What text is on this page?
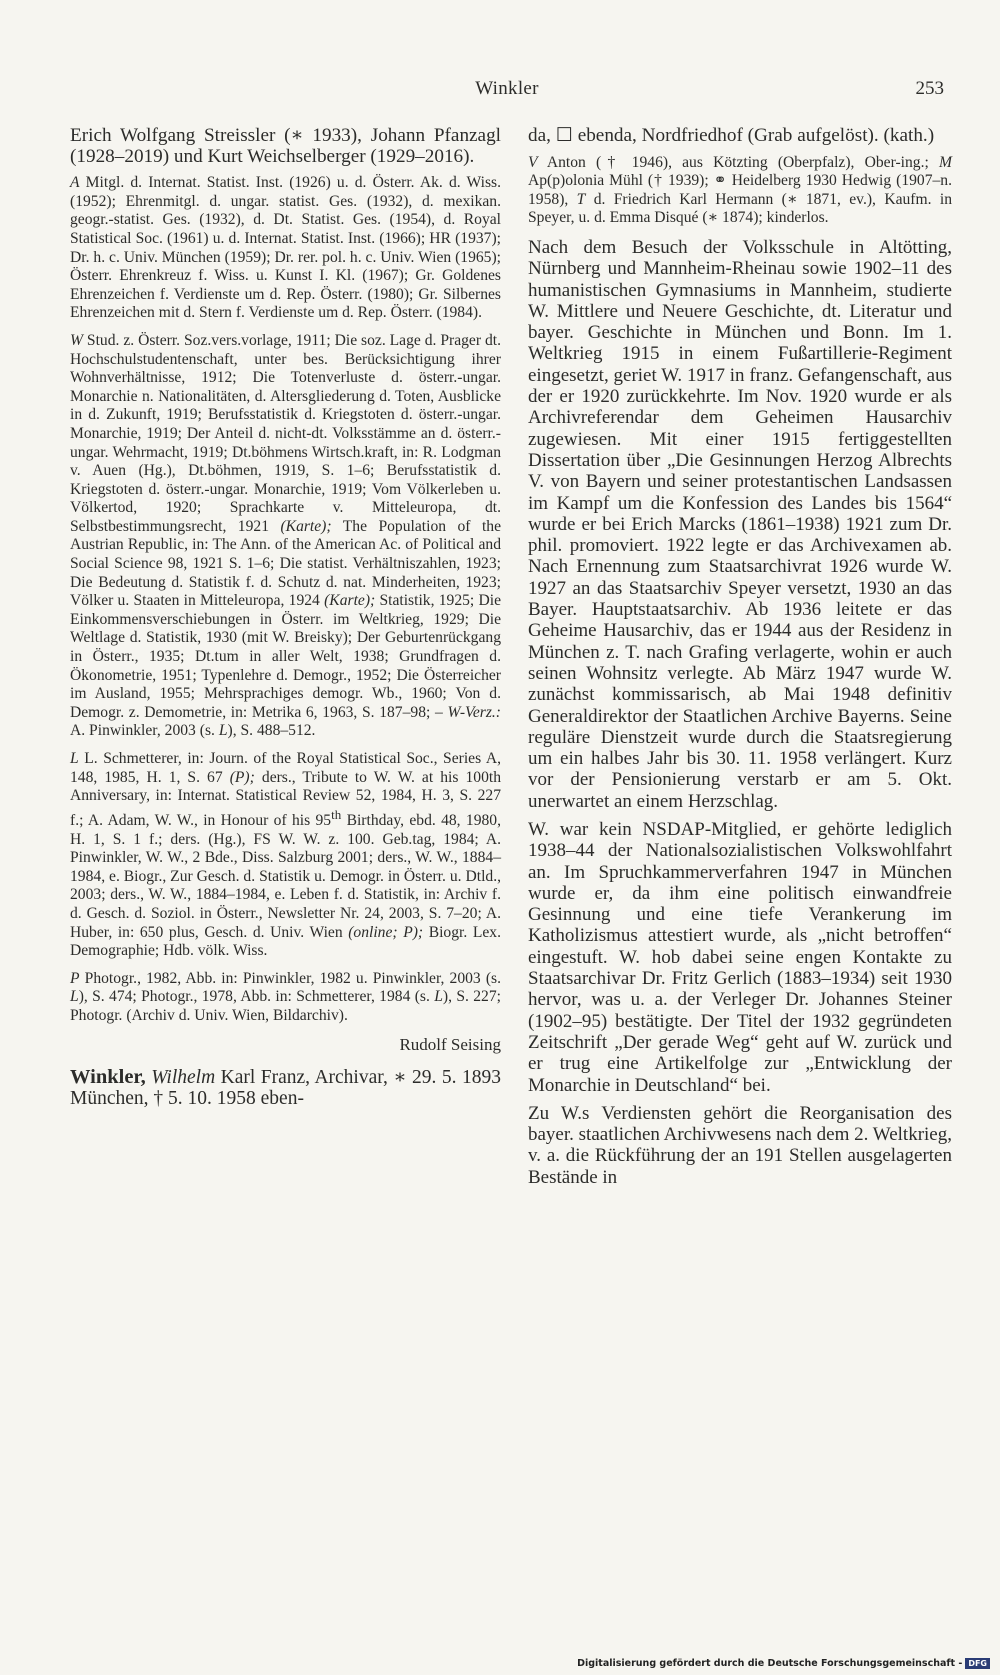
Winkler	253

Erich Wolfgang Streissler (∗ 1933), Johann Pfanzagl (1928–2019) und Kurt Weichselberger (1929–2016).

A Mitgl. d. Internat. Statist. Inst. (1926) u. d. Österr. Ak. d. Wiss. (1952); Ehrenmitgl. d. ungar. statist. Ges. (1932), d. mexikan. geogr.-statist. Ges. (1932), d. Dt. Statist. Ges. (1954), d. Royal Statistical Soc. (1961) u. d. Internat. Statist. Inst. (1966); HR (1937); Dr. h. c. Univ. München (1959); Dr. rer. pol. h. c. Univ. Wien (1965); Österr. Ehrenkreuz f. Wiss. u. Kunst I. Kl. (1967); Gr. Goldenes Ehrenzeichen f. Verdienste um d. Rep. Österr. (1980); Gr. Silbernes Ehrenzeichen mit d. Stern f. Verdienste um d. Rep. Österr. (1984).

W Stud. z. Österr. Soz.vers.vorlage, 1911; Die soz. Lage d. Prager dt. Hochschulstudentenschaft, unter bes. Berücksichtigung ihrer Wohnverhältnisse, 1912; Die Totenverluste d. österr.-ungar. Monarchie n. Nationalitäten, d. Altersgliederung d. Toten, Ausblicke in d. Zukunft, 1919; Berufsstatistik d. Kriegstoten d. österr.-ungar. Monarchie, 1919; Der Anteil d. nicht-dt. Volksstämme an d. österr.-ungar. Wehrmacht, 1919; Dt.böhmens Wirtsch.kraft, in: R. Lodgman v. Auen (Hg.), Dt.böhmen, 1919, S. 1–6; Berufsstatistik d. Kriegstoten d. österr.-ungar. Monarchie, 1919; Vom Völkerleben u. Völkertod, 1920; Sprachkarte v. Mitteleuropa, dt. Selbstbestimmungsrecht, 1921 (Karte); The Population of the Austrian Republic, in: The Ann. of the American Ac. of Political and Social Science 98, 1921 S. 1–6; Die statist. Verhältniszahlen, 1923; Die Bedeutung d. Statistik f. d. Schutz d. nat. Minderheiten, 1923; Völker u. Staaten in Mitteleuropa, 1924 (Karte); Statistik, 1925; Die Einkommensverschiebungen in Österr. im Weltkrieg, 1929; Die Weltlage d. Statistik, 1930 (mit W. Breisky); Der Geburtenrückgang in Österr., 1935; Dt.tum in aller Welt, 1938; Grundfragen d. Ökonometrie, 1951; Typenlehre d. Demogr., 1952; Die Österreicher im Ausland, 1955; Mehrsprachiges demogr. Wb., 1960; Von d. Demogr. z. Demometrie, in: Metrika 6, 1963, S. 187–98; – W-Verz.: A. Pinwinkler, 2003 (s. L), S. 488–512.

L L. Schmetterer, in: Journ. of the Royal Statistical Soc., Series A, 148, 1985, H. 1, S. 67 (P); ders., Tribute to W. W. at his 100th Anniversary, in: Internat. Statistical Review 52, 1984, H. 3, S. 227 f.; A. Adam, W. W., in Honour of his 95th Birthday, ebd. 48, 1980, H. 1, S. 1 f.; ders. (Hg.), FS W. W. z. 100. Geb.tag, 1984; A. Pinwinkler, W. W., 2 Bde., Diss. Salzburg 2001; ders., W. W., 1884–1984, e. Biogr., Zur Gesch. d. Statistik u. Demogr. in Österr. u. Dtld., 2003; ders., W. W., 1884–1984, e. Leben f. d. Statistik, in: Archiv f. d. Gesch. d. Soziol. in Österr., Newsletter Nr. 24, 2003, S. 7–20; A. Huber, in: 650 plus, Gesch. d. Univ. Wien (online; P); Biogr. Lex. Demographie; Hdb. völk. Wiss.

P Photogr., 1982, Abb. in: Pinwinkler, 1982 u. Pinwinkler, 2003 (s. L), S. 474; Photogr., 1978, Abb. in: Schmetterer, 1984 (s. L), S. 227; Photogr. (Archiv d. Univ. Wien, Bildarchiv).

Rudolf Seising

Winkler, Wilhelm Karl Franz, Archivar, ∗ 29. 5. 1893 München, † 5. 10. 1958 eben-

da, ☐ ebenda, Nordfriedhof (Grab aufgelöst). (kath.)

V Anton († 1946), aus Kötzting (Oberpfalz), Ober-ing.; M Ap(p)olonia Mühl († 1939); ⚭ Heidelberg 1930 Hedwig (1907–n. 1958), T d. Friedrich Karl Hermann (∗ 1871, ev.), Kaufm. in Speyer, u. d. Emma Disqué (∗ 1874); kinderlos.

Nach dem Besuch der Volksschule in Altötting, Nürnberg und Mannheim-Rheinau sowie 1902–11 des humanistischen Gymnasiums in Mannheim, studierte W. Mittlere und Neuere Geschichte, dt. Literatur und bayer. Geschichte in München und Bonn. Im 1. Weltkrieg 1915 in einem Fußartillerie-Regiment eingesetzt, geriet W. 1917 in franz. Gefangenschaft, aus der er 1920 zurückkehrte. Im Nov. 1920 wurde er als Archivreferendar dem Geheimen Hausarchiv zugewiesen. Mit einer 1915 fertiggestellten Dissertation über „Die Gesinnungen Herzog Albrechts V. von Bayern und seiner protestantischen Landsassen im Kampf um die Konfession des Landes bis 1564“ wurde er bei Erich Marcks (1861–1938) 1921 zum Dr. phil. promoviert. 1922 legte er das Archivexamen ab. Nach Ernennung zum Staatsarchivrat 1926 wurde W. 1927 an das Staatsarchiv Speyer versetzt, 1930 an das Bayer. Hauptstaatsarchiv. Ab 1936 leitete er das Geheime Hausarchiv, das er 1944 aus der Residenz in München z. T. nach Grafing verlagerte, wohin er auch seinen Wohnsitz verlegte. Ab März 1947 wurde W. zunächst kommissarisch, ab Mai 1948 definitiv Generaldirektor der Staatlichen Archive Bayerns. Seine reguläre Dienstzeit wurde durch die Staatsregierung um ein halbes Jahr bis 30. 11. 1958 verlängert. Kurz vor der Pensionierung verstarb er am 5. Okt. unerwartet an einem Herzschlag.

W. war kein NSDAP-Mitglied, er gehörte lediglich 1938–44 der Nationalsozialistischen Volkswohlfahrt an. Im Spruchkammerverfahren 1947 in München wurde er, da ihm eine politisch einwandfreie Gesinnung und eine tiefe Verankerung im Katholizismus attestiert wurde, als „nicht betroffen“ eingestuft. W. hob dabei seine engen Kontakte zu Staatsarchivar Dr. Fritz Gerlich (1883–1934) seit 1930 hervor, was u. a. der Verleger Dr. Johannes Steiner (1902–95) bestätigte. Der Titel der 1932 gegründeten Zeitschrift „Der gerade Weg“ geht auf W. zurück und er trug eine Artikelfolge zur „Entwicklung der Monarchie in Deutschland“ bei.

Zu W.s Verdiensten gehört die Reorganisation des bayer. staatlichen Archivwesens nach dem 2. Weltkrieg, v. a. die Rückführung der an 191 Stellen ausgelagerten Bestände in

Digitalisierung gefördert durch die Deutsche Forschungsgemeinschaft - DFG
